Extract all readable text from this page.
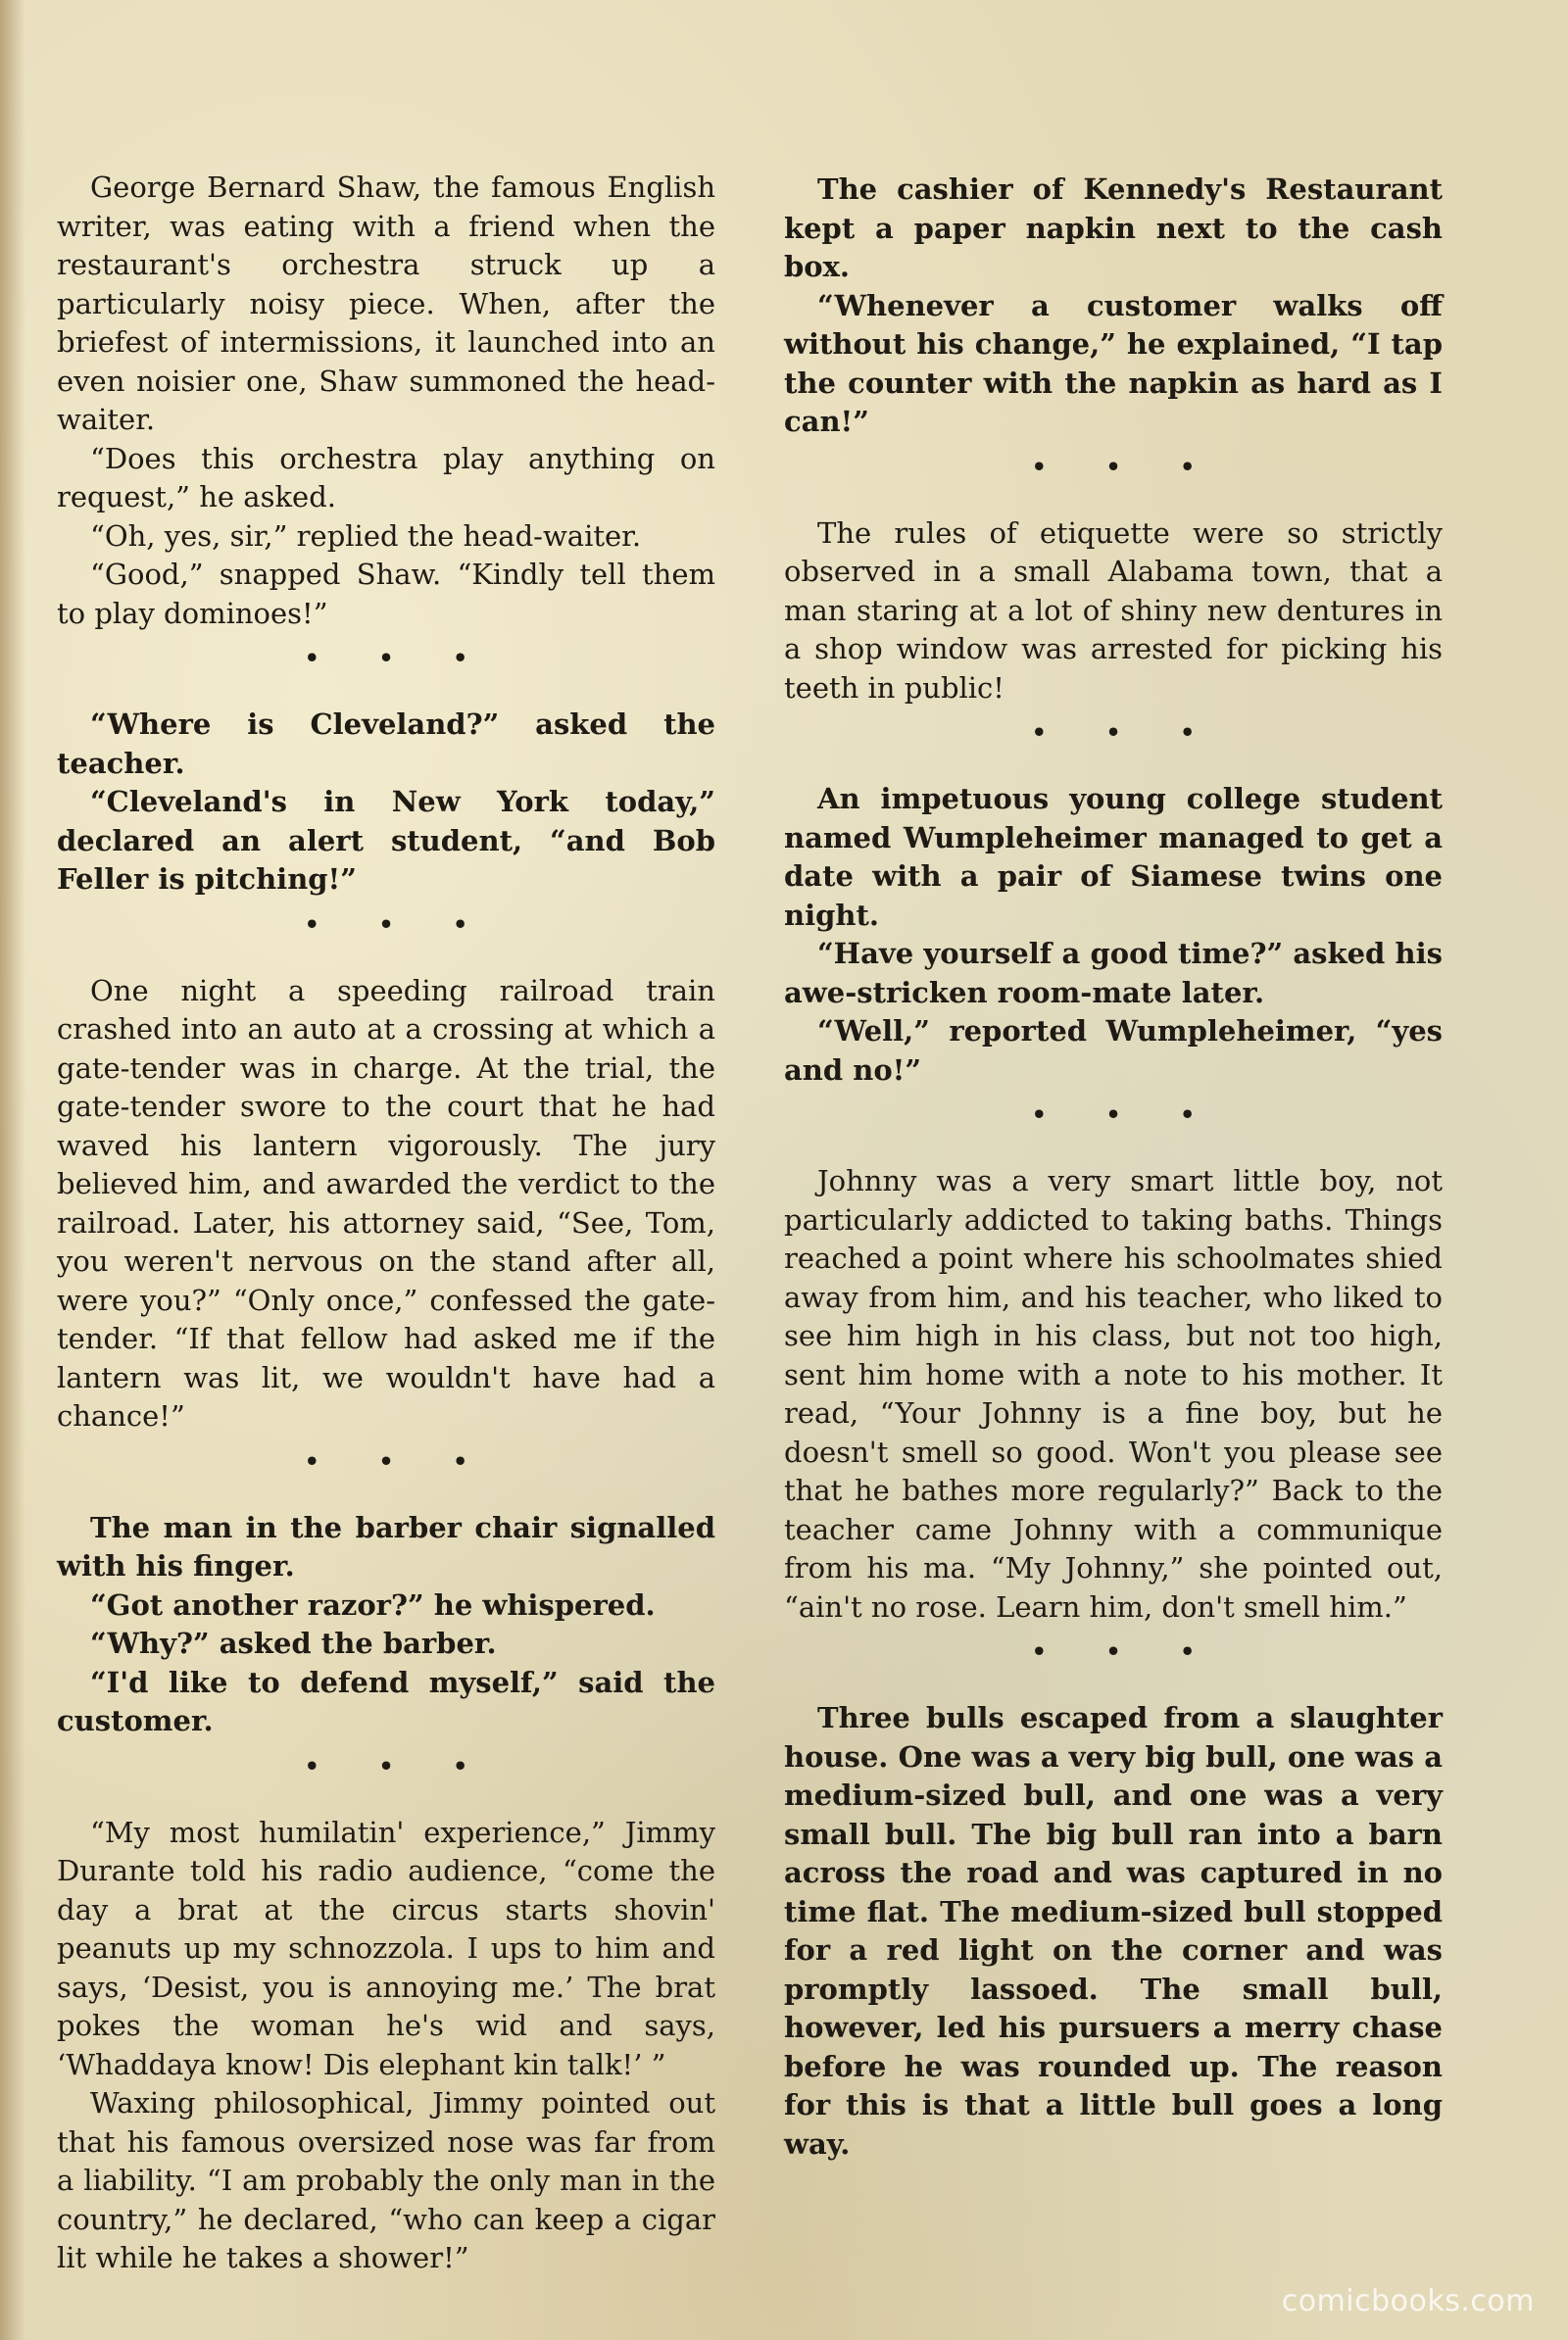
George Bernard Shaw, the famous English writer, was eating with a friend when the restaurant's orchestra struck up a particularly noisy piece. When, after the briefest of intermissions, it launched into an even noisier one, Shaw summoned the head-waiter.

“Does this orchestra play anything on request,” he asked.

“Oh, yes, sir,” replied the head-waiter.

“Good,” snapped Shaw. “Kindly tell them to play dominoes!”

• • •

“Where is Cleveland?” asked the teacher.

“Cleveland's in New York today,” declared an alert student, “and Bob Feller is pitching!”

• • •

One night a speeding railroad train crashed into an auto at a crossing at which a gate-tender was in charge. At the trial, the gate-tender swore to the court that he had waved his lantern vigorously. The jury believed him, and awarded the verdict to the railroad. Later, his attorney said, “See, Tom, you weren't nervous on the stand after all, were you?” “Only once,” confessed the gate-tender. “If that fellow had asked me if the lantern was lit, we wouldn't have had a chance!”

• • •

The man in the barber chair signalled with his finger.

“Got another razor?” he whispered.

“Why?” asked the barber.

“I'd like to defend myself,” said the customer.

• • •

“My most humilatin' experience,” Jimmy Durante told his radio audience, “come the day a brat at the circus starts shovin' peanuts up my schnozzola. I ups to him and says, ‘Desist, you is annoying me.’ The brat pokes the woman he's wid and says, ‘Whaddaya know! Dis elephant kin talk!’ ”

Waxing philosophical, Jimmy pointed out that his famous oversized nose was far from a liability. “I am probably the only man in the country,” he declared, “who can keep a cigar lit while he takes a shower!”

The cashier of Kennedy's Restaurant kept a paper napkin next to the cash box.

“Whenever a customer walks off without his change,” he explained, “I tap the counter with the napkin as hard as I can!”

• • •

The rules of etiquette were so strictly observed in a small Alabama town, that a man staring at a lot of shiny new dentures in a shop window was arrested for picking his teeth in public!

• • •

An impetuous young college student named Wumpleheimer managed to get a date with a pair of Siamese twins one night.

“Have yourself a good time?” asked his awe-stricken room-mate later.

“Well,” reported Wumpleheimer, “yes and no!”

• • •

Johnny was a very smart little boy, not particularly addicted to taking baths. Things reached a point where his schoolmates shied away from him, and his teacher, who liked to see him high in his class, but not too high, sent him home with a note to his mother. It read, “Your Johnny is a fine boy, but he doesn't smell so good. Won't you please see that he bathes more regularly?” Back to the teacher came Johnny with a communique from his ma. “My Johnny,” she pointed out, “ain't no rose. Learn him, don't smell him.”

• • •

Three bulls escaped from a slaughter house. One was a very big bull, one was a medium-sized bull, and one was a very small bull. The big bull ran into a barn across the road and was captured in no time flat. The medium-sized bull stopped for a red light on the corner and was promptly lassoed. The small bull, however, led his pursuers a merry chase before he was rounded up. The reason for this is that a little bull goes a long way.

comicbooks.com
